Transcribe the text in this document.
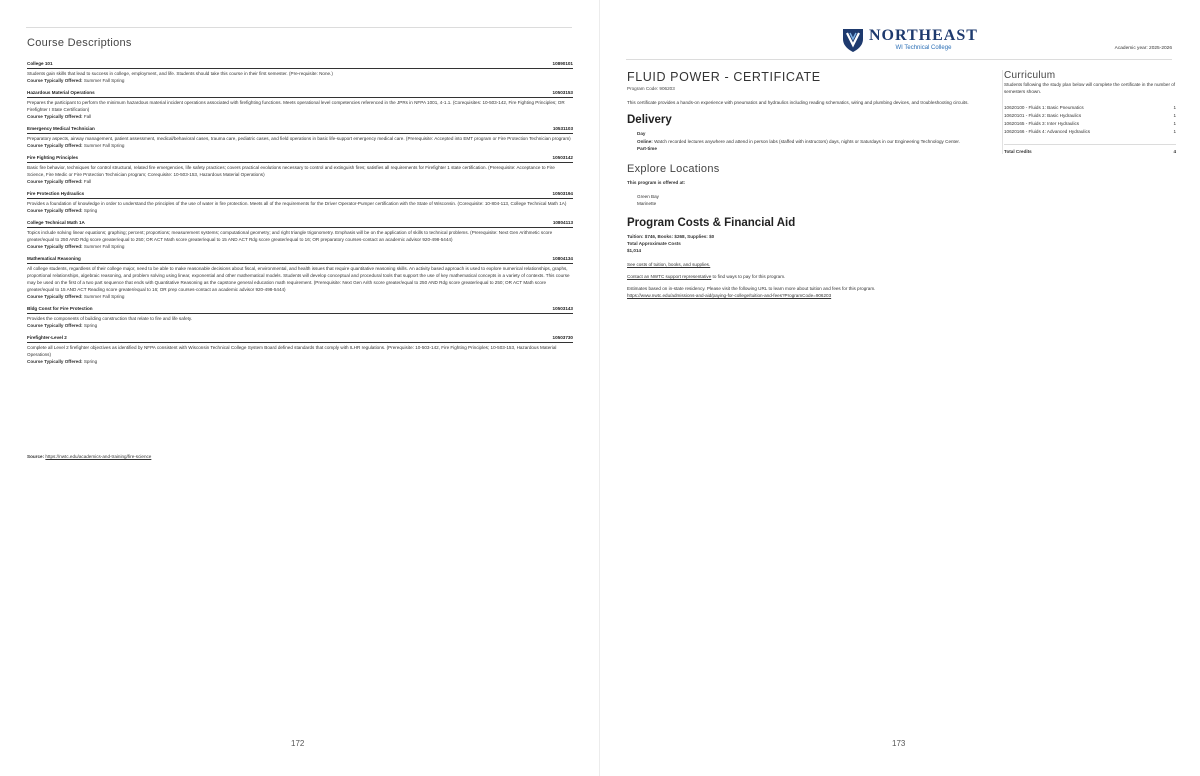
Course Descriptions
College 101	10890101
Students gain skills that lead to success in college, employment, and life. Students should take this course in their first semester. (Pre-requisite: None.)
Course Typically Offered: Summer Fall Spring
Hazardous Material Operations	10503153
Prepares the participant to perform the minimum hazardous material incident operations associated with firefighting functions. Meets operational level competencies referenced in the JPRs in NFPA 1001, 4-1.1. (Corequisites: 10-503-142, Fire Fighting Principles; OR Firefighter I State Certification)
Course Typically Offered: Fall
Emergency Medical Technician	10531103
Preparatory aspects, airway management, patient assessment, medical/behavioral cases, trauma care, pediatric cases, and field operations in basic life-support emergency medical care. (Prerequisite: Accepted into EMT program or Fire Protection Technician program)
Course Typically Offered: Summer Fall Spring
Fire Fighting Principles	10503142
Basic fire behavior, techniques for control structural, related fire emergencies, life safety practices; covers practical evolutions necessary to control and extinguish fires; satisfies all requirements for Firefighter 1 state certification. (Prerequisite: Acceptance to Fire Science, Fire Medic or Fire Protection Technician program; Corequisite: 10-503-153, Hazardous Material Operations)
Course Typically Offered: Fall
Fire Protection Hydraulics	10503194
Provides a foundation of knowledge in order to understand the principles of the use of water in fire protection. Meets all of the requirements for the Driver Operator-Pumper certification with the State of Wisconsin. (Corequisite: 10-804-113, College Technical Math 1A)
Course Typically Offered: Spring
College Technical Math 1A	10804113
Topics include solving linear equations; graphing; percent; proportions; measurement systems; computational geometry; and right triangle trigonometry. Emphasis will be on the application of skills to technical problems. (Prerequisite: Next Gen Arithmetic score greater/equal to 250 AND Rdg score greater/equal to 250; OR ACT Math score greater/equal to 15 AND ACT Rdg score greater/equal to 16; OR preparatory courses-contact an academic advisor 920-498-5444)
Course Typically Offered: Summer Fall Spring
Mathematical Reasoning	10804134
All college students, regardless of their college major, need to be able to make reasonable decisions about fiscal, environmental, and health issues that require quantitative reasoning skills. An activity based approach is used to explore numerical relationships, graphs, proportional relationships, algebraic reasoning, and problem solving using linear, exponential and other mathematical models. Students will develop conceptual and procedural tools that support the use of key mathematical concepts in a variety of contexts. This course may be used on the first of a two part sequence that ends with Quantitative Reasoning as the capstone general education math requirement. (Prerequisite: Next Gen Arith score greater/equal to 250 AND Rdg score greater/equal to 250; OR ACT Math score greater/equal to 15 AND ACT Reading score greater/equal to 16; OR prep courses-contact an academic advisor 920-498-5444)
Course Typically Offered: Summer Fall Spring
Bldg Const for Fire Protection	10503143
Provides the components of building construction that relate to fire and life safety.
Course Typically Offered: Spring
Firefighter-Level 2	10503730
Complete all Level 2 firefighter objectives as identified by NFPA consistent with Wisconsin Technical College System Board defined standards that comply with ILHR regulations. (Prerequisite: 10-503-142, Fire Fighting Principles; 10-503-153, Hazardous Material Operations)
Course Typically Offered: Spring
Source: https://nwtc.edu/academics-and-training/fire-science
172
NORTHEAST
WI Technical College	Academic year: 2025-2026
FLUID POWER - CERTIFICATE
Program Code: 906203
This certificate provides a hands-on experience with pneumatics and hydraulics including reading schematics, wiring and plumbing devices, and troubleshooting circuits.
Delivery
Day
Online: Watch recorded lectures anywhere and attend in person labs (staffed with instructors) days, nights or Saturdays in our Engineering Technology Center.
Part-time
Explore Locations
This program is offered at:
Green Bay
Marinette
Program Costs & Financial Aid
Tuition: $746, Books: $268, Supplies: $0
Total Approximate Costs
$1,014
See costs of tuition, books, and supplies.
Contact an NWTC support representative to find ways to pay for this program.
Estimates based on in-state residency. Please visit the following URL to learn more about tuition and fees for this program.
https://www.nwtc.edu/admissions-and-aid/paying-for-college/tuition-and-fees?ProgramCode=906203
Curriculum
Students following the study plan below will complete the certificate in the number of semesters shown.
10620100 - Fluids 1: Basic Pneumatics	1
10620101 - Fluids 2: Basic Hydraulics	1
10620165 - Fluids 3: Inter Hydraulics	1
10620166 - Fluids 4: Advanced Hydraulics	1
Total Credits	4
173
